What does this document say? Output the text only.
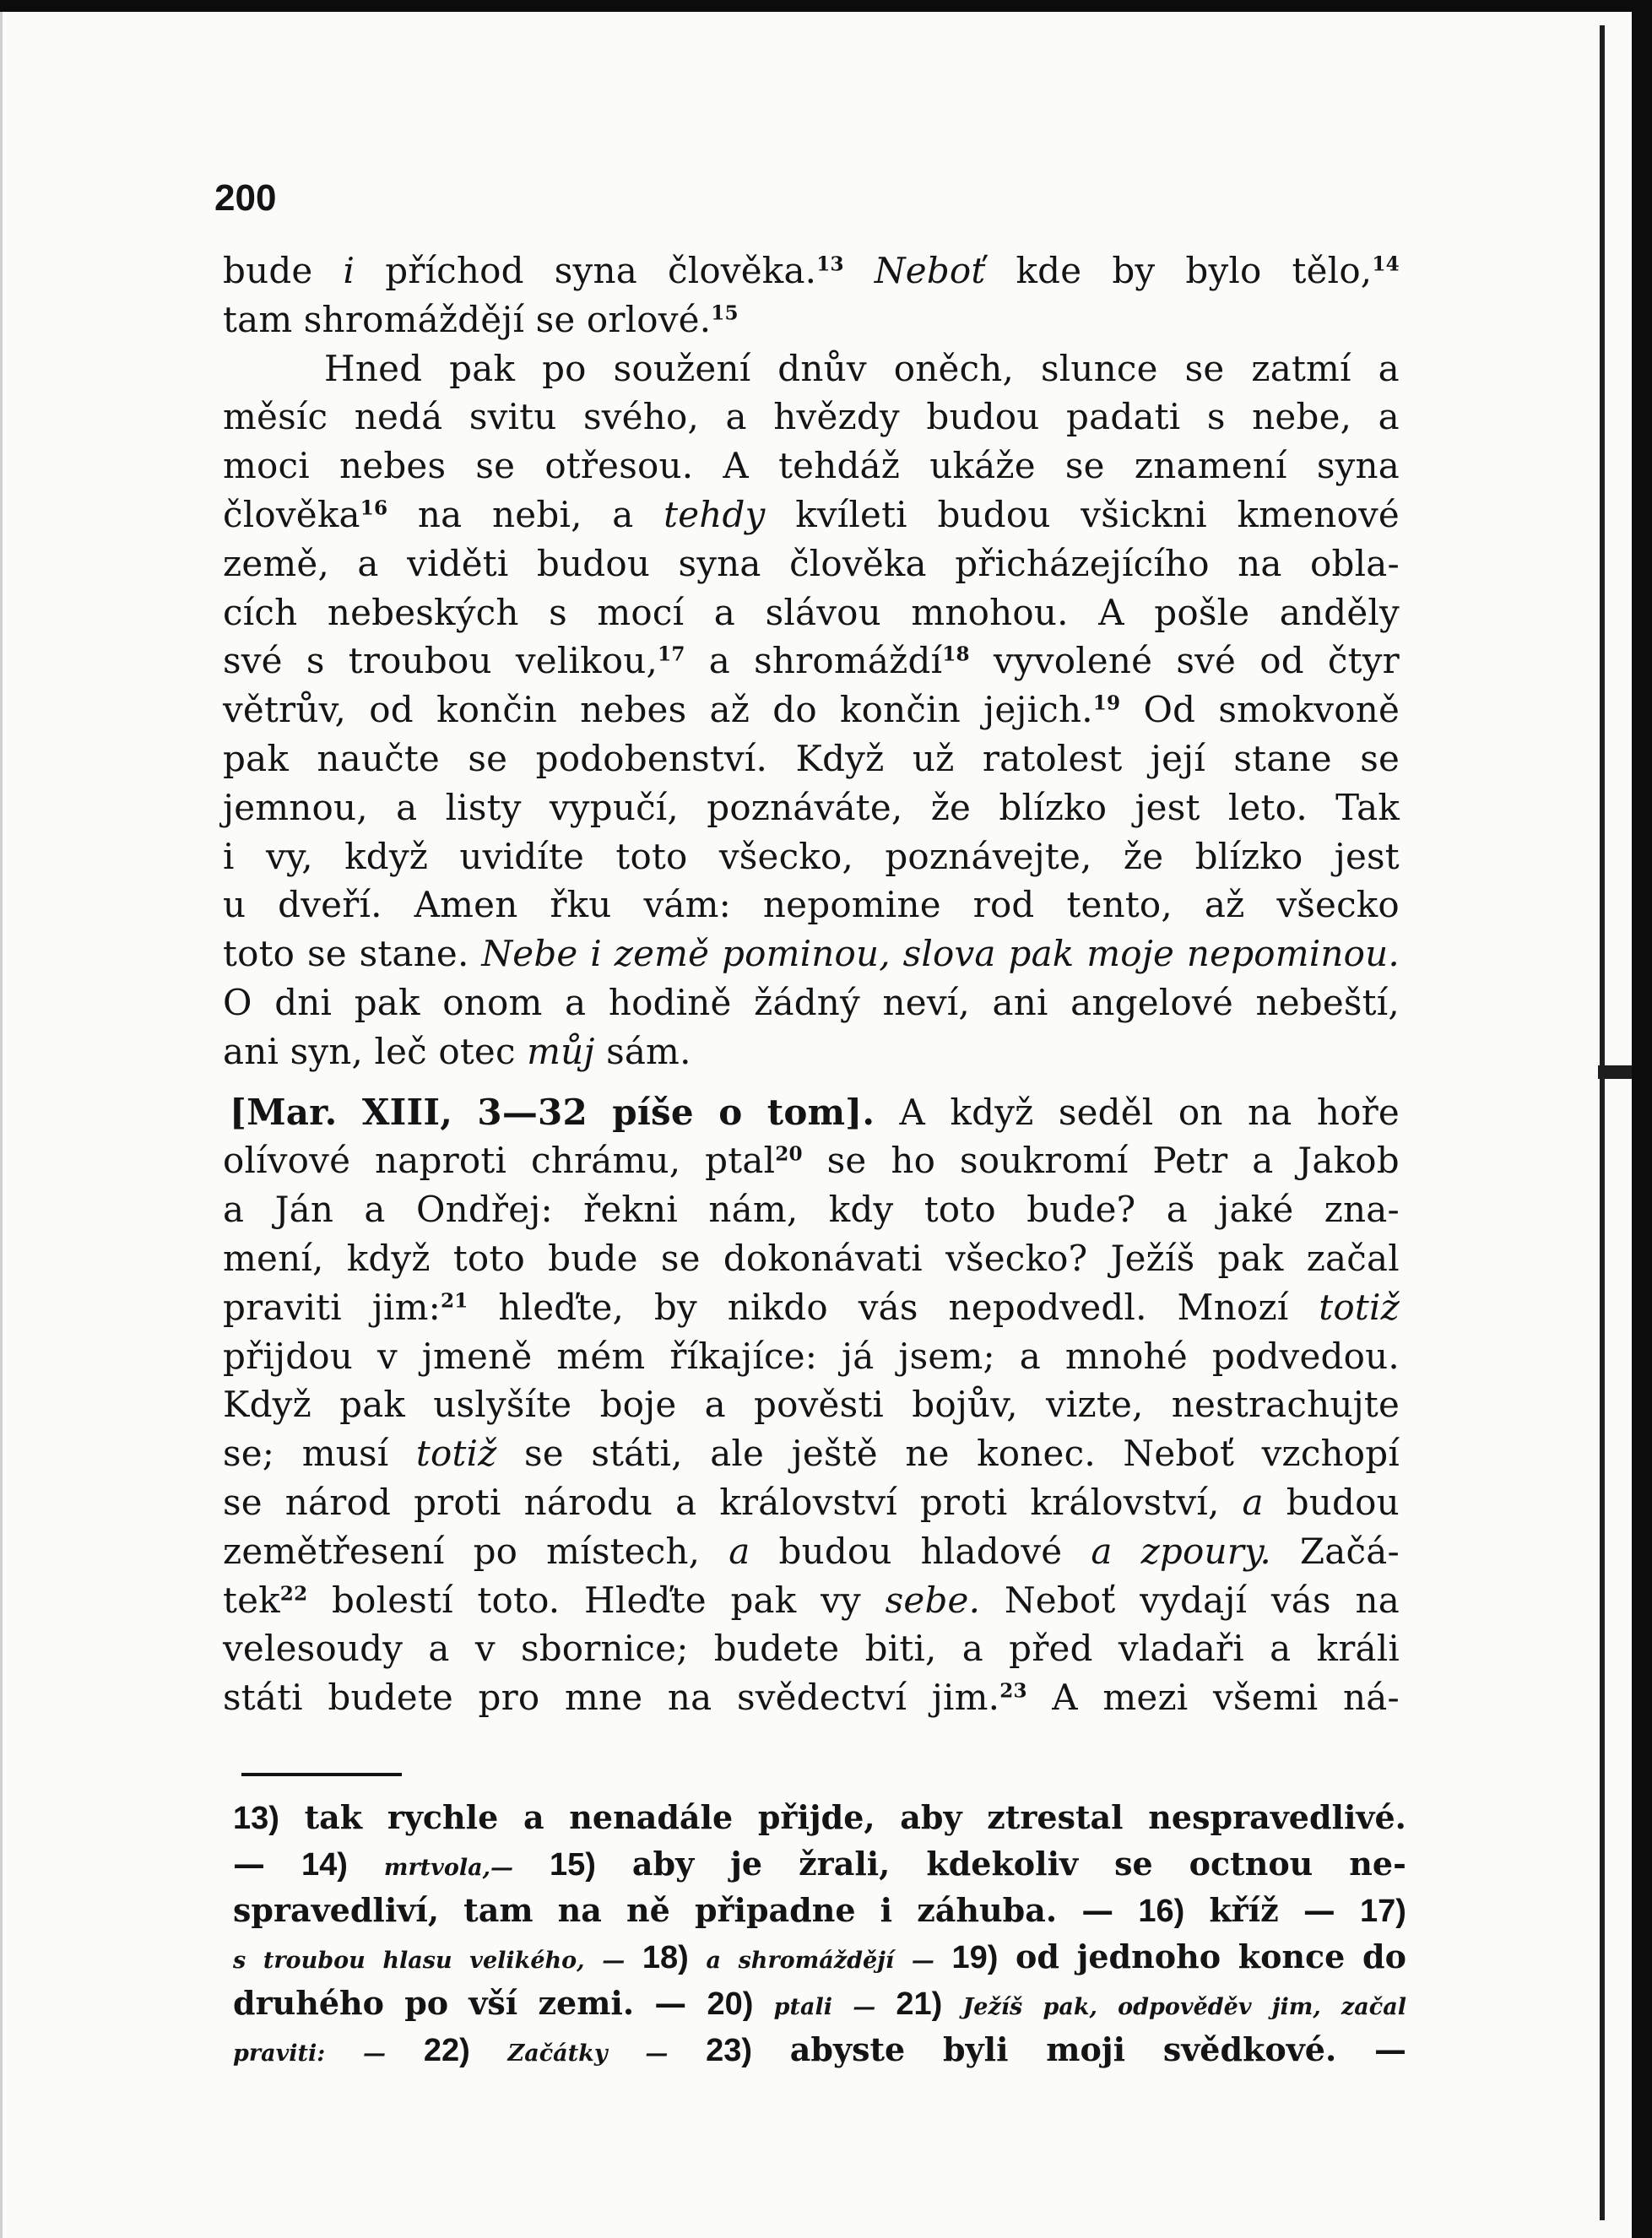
200
bude i příchod syna člověka.$^{13}$ Neboť kde by bylo tělo,$^{14}$
tam shromáždějí se orlové.$^{15}$
Hned pak po soužení dnův oněch, slunce se zatmí a
měsíc nedá svitu svého, a hvězdy budou padati s nebe, a
moci nebes se otřesou. A tehdáž ukáže se znamení syna
člověka$^{16}$ na nebi, a tehdy kvíleti budou všickni kmenové
země, a viděti budou syna člověka přicházejícího na obla-
cích nebeských s mocí a slávou mnohou. A pošle anděly
své s troubou velikou,$^{17}$ a shromáždí$^{18}$ vyvolené své od čtyr
větrův, od končin nebes až do končin jejich.$^{19}$ Od smokvoně
pak naučte se podobenství. Když už ratolest její stane se
jemnou, a listy vypučí, poznáváte, že blízko jest leto. Tak
i vy, když uvidíte toto všecko, poznávejte, že blízko jest
u dveří. Amen řku vám: nepomine rod tento, až všecko
toto se stane. Nebe i země pominou, slova pak moje nepominou.
O dni pak onom a hodině žádný neví, ani angelové nebeští,
ani syn, leč otec můj sám.
[Mar. XIII, 3—32 píše o tom]. A když seděl on na hoře
olívové naproti chrámu, ptal$^{20}$ se ho soukromí Petr a Jakob
a Ján a Ondřej: řekni nám, kdy toto bude? a jaké zna-
mení, když toto bude se dokonávati všecko? Ježíš pak začal
praviti jim:$^{21}$ hleďte, by nikdo vás nepodvedl. Mnozí totiž
přijdou v jmeně mém říkajíce: já jsem; a mnohé podvedou.
Když pak uslyšíte boje a pověsti bojův, vizte, nestrachujte
se; musí totiž se státi, ale ještě ne konec. Neboť vzchopí
se národ proti národu a království proti království, a budou
zemětřesení po místech, a budou hladové a zpoury. Začá-
tek$^{22}$ bolestí toto. Hleďte pak vy sebe. Neboť vydají vás na
velesoudy a v sbornice; budete biti, a před vladaři a králi
státi budete pro mne na svědectví jim.$^{23}$ A mezi všemi ná-
13) tak rychle a nenadále přijde, aby ztrestal nespravedlivé.
— 14) mrtvola,— 15) aby je žrali, kdekoliv se octnou ne-
spravedliví, tam na ně připadne i záhuba. — 16) kříž — 17)
s troubou hlasu velikého, — 18) a shromáždějí — 19) od jednoho konce do
druhého po vší zemi. — 20) ptali — 21) Ježíš pak, odpověděv jim, začal
praviti: — 22) Začátky — 23) abyste byli moji svědkové. —
